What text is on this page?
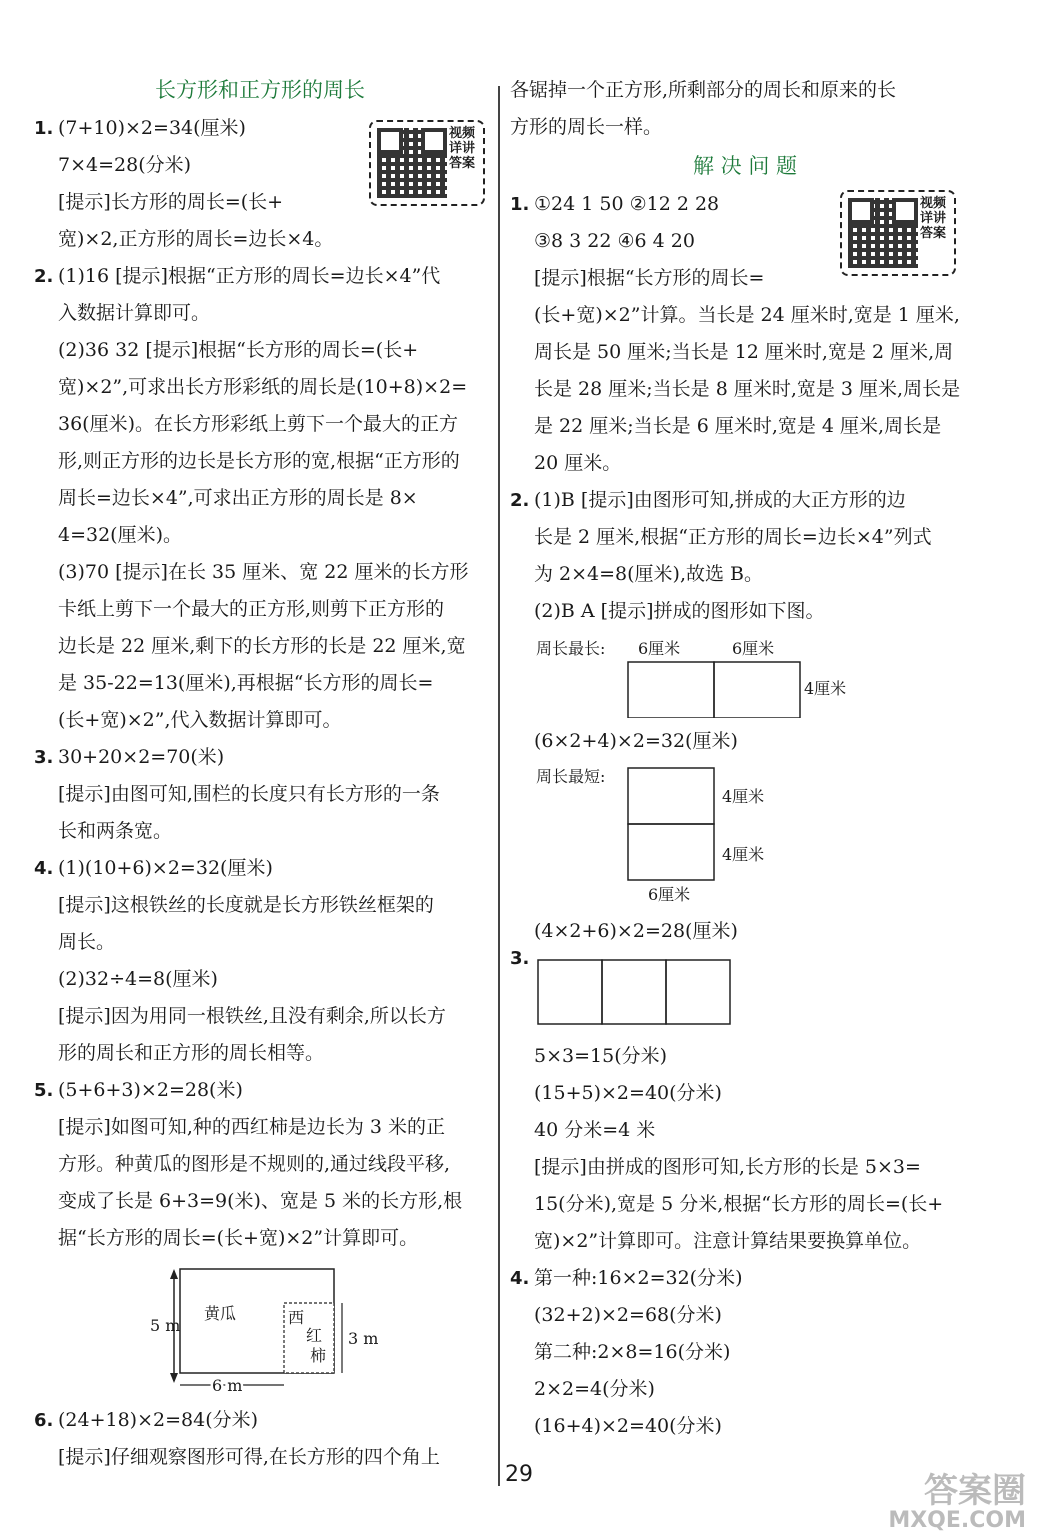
长方形和正方形的周长
视频详讲答案
1. (7+10)×2=34(厘米)
7×4=28(分米)
[提示]长方形的周长=(长+
宽)×2,正方形的周长=边长×4。
2. (1)16 [提示]根据“正方形的周长=边长×4”代
入数据计算即可。
(2)36 32 [提示]根据“长方形的周长=(长+
宽)×2”,可求出长方形彩纸的周长是(10+8)×2=
36(厘米)。在长方形彩纸上剪下一个最大的正方
形,则正方形的边长是长方形的宽,根据“正方形的
周长=边长×4”,可求出正方形的周长是 8×
4=32(厘米)。
(3)70 [提示]在长 35 厘米、宽 22 厘米的长方形
卡纸上剪下一个最大的正方形,则剪下正方形的
边长是 22 厘米,剩下的长方形的长是 22 厘米,宽
是 35-22=13(厘米),再根据“长方形的周长=
(长+宽)×2”,代入数据计算即可。
3. 30+20×2=70(米)
[提示]由图可知,围栏的长度只有长方形的一条
长和两条宽。
4. (1)(10+6)×2=32(厘米)
[提示]这根铁丝的长度就是长方形铁丝框架的
周长。
(2)32÷4=8(厘米)
[提示]因为用同一根铁丝,且没有剩余,所以长方
形的周长和正方形的周长相等。
5. (5+6+3)×2=28(米)
[提示]如图可知,种的西红柿是边长为 3 米的正
方形。种黄瓜的图形是不规则的,通过线段平移,
变成了长是 6+3=9(米)、宽是 5 米的长方形,根
据“长方形的周长=(长+宽)×2”计算即可。
5 m
黄瓜	西
红
柿
3 m
6 m
6. (24+18)×2=84(分米)
[提示]仔细观察图形可得,在长方形的四个角上
各锯掉一个正方形,所剩部分的周长和原来的长
方形的周长一样。
解 决 问 题
视频详讲答案
1. ①24 1 50 ②12 2 28
③8 3 22 ④6 4 20
[提示]根据“长方形的周长=
(长+宽)×2”计算。当长是 24 厘米时,宽是 1 厘米,
周长是 50 厘米;当长是 12 厘米时,宽是 2 厘米,周
长是 28 厘米;当长是 8 厘米时,宽是 3 厘米,周长是
是 22 厘米;当长是 6 厘米时,宽是 4 厘米,周长是
20 厘米。
2. (1)B [提示]由图形可知,拼成的大正方形的边
长是 2 厘米,根据“正方形的周长=边长×4”列式
为 2×4=8(厘米),故选 B。
(2)B A [提示]拼成的图形如下图。
周长最长: 6厘米	6厘米
4厘米
(6×2+4)×2=32(厘米)
周长最短:
4厘米
4厘米
6厘米
(4×2+6)×2=28(厘米)
3.
5×3=15(分米)
(15+5)×2=40(分米)
40 分米=4 米
[提示]由拼成的图形可知,长方形的长是 5×3=
15(分米),宽是 5 分米,根据“长方形的周长=(长+
宽)×2”计算即可。注意计算结果要换算单位。
4. 第一种:16×2=32(分米)
(32+2)×2=68(分米)
第二种:2×8=16(分米)
2×2=4(分米)
(16+4)×2=40(分米)
29	答案圈
MXQE.COM
